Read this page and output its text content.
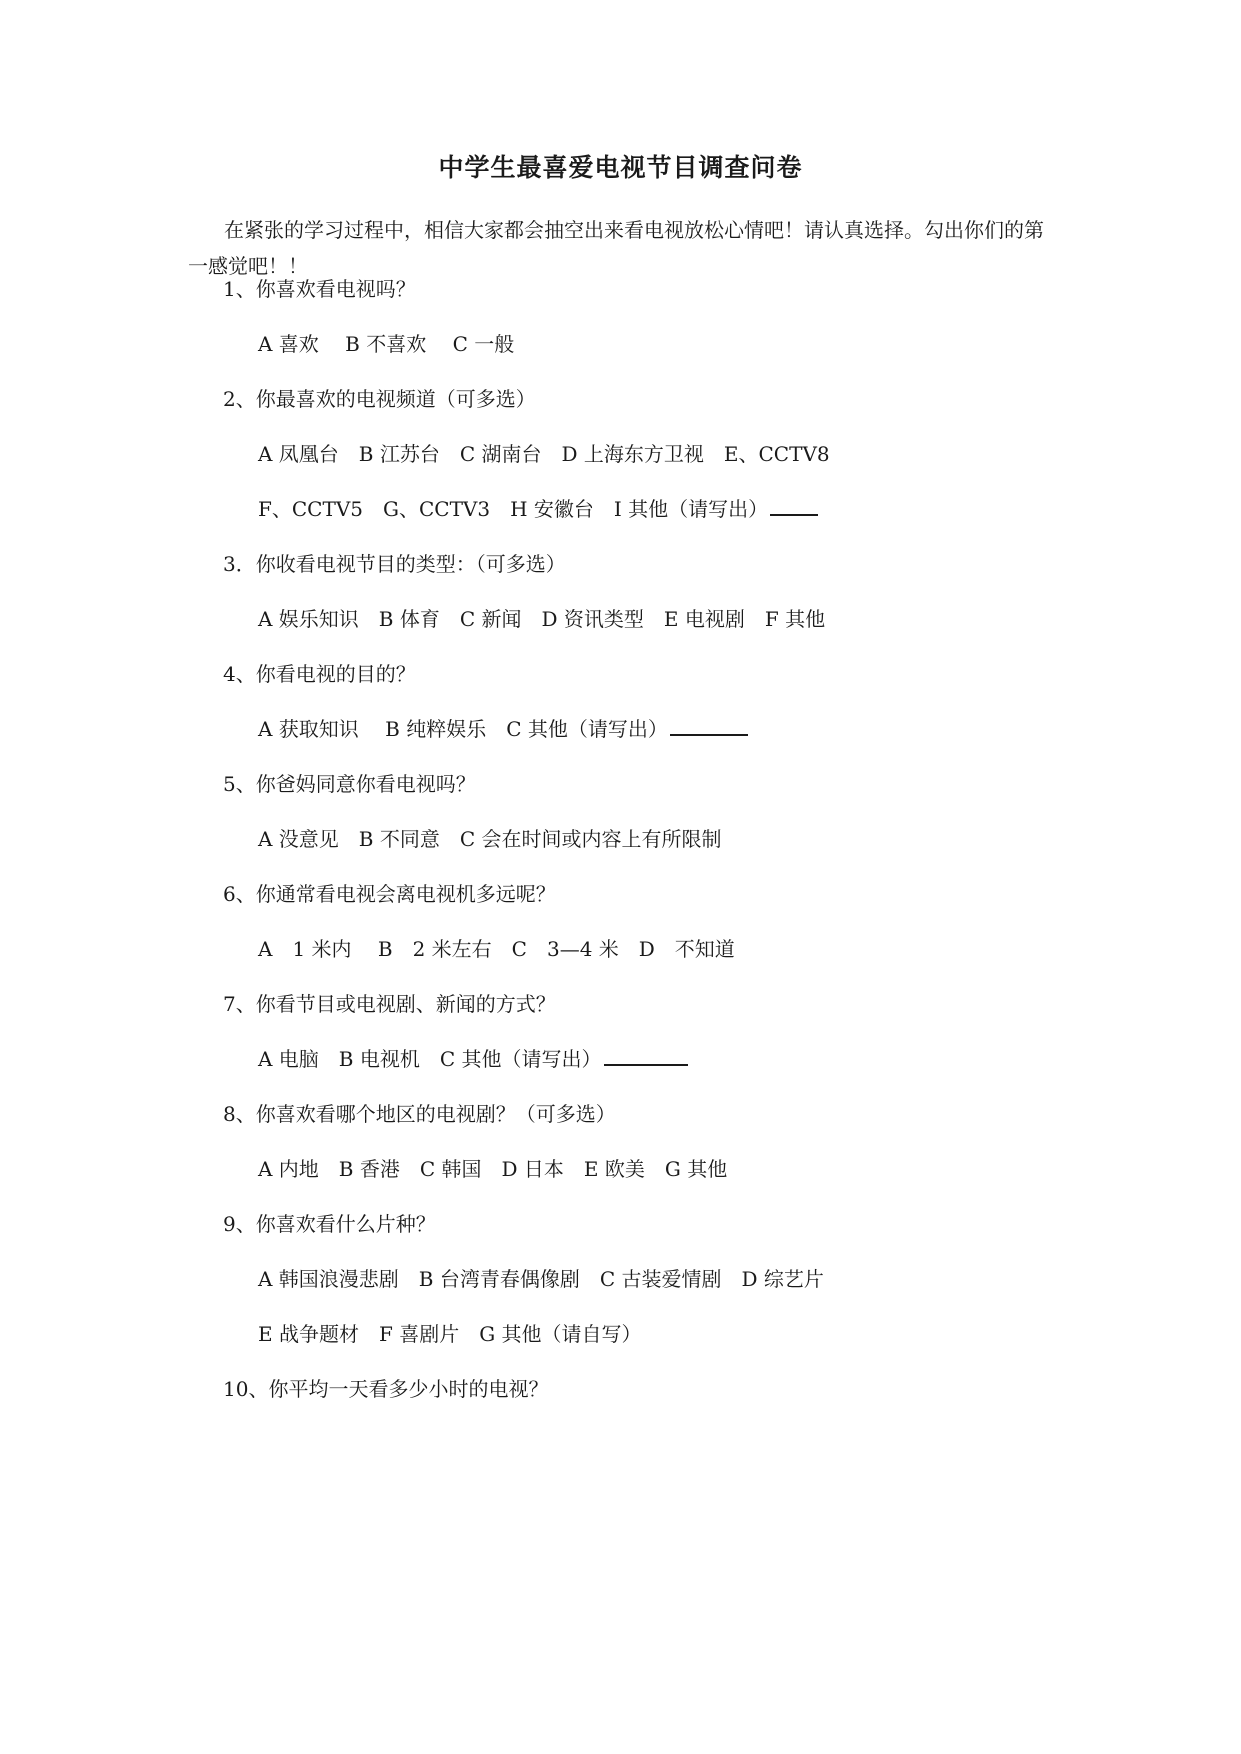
中学生最喜爱电视节目调查问卷
在紧张的学习过程中，相信大家都会抽空出来看电视放松心情吧！请认真选择。勾出你们的第一感觉吧！！
1、你喜欢看电视吗？
A 喜欢　 B 不喜欢　 C 一般
2、你最喜欢的电视频道（可多选）
A 凤凰台　B 江苏台　C 湖南台　D 上海东方卫视　E、CCTV8
F、CCTV5　G、CCTV3　H 安徽台　I 其他（请写出）
3．你收看电视节目的类型：（可多选）
A 娱乐知识　B 体育　C 新闻　D 资讯类型　E 电视剧　F 其他
4、你看电视的目的？
A 获取知识　 B 纯粹娱乐　C 其他（请写出）
5、你爸妈同意你看电视吗？
A 没意见　B 不同意　C 会在时间或内容上有所限制
6、你通常看电视会离电视机多远呢？
A　1 米内　 B　2 米左右　C　3—4 米　D　不知道
7、你看节目或电视剧、新闻的方式？
A 电脑　B 电视机　C 其他（请写出）
8、你喜欢看哪个地区的电视剧？（可多选）
A 内地　B 香港　C 韩国　D 日本　E 欧美　G 其他
9、你喜欢看什么片种？
A 韩国浪漫悲剧　B 台湾青春偶像剧　C 古装爱情剧　D 综艺片
E 战争题材　F 喜剧片　G 其他（请自写）
10、你平均一天看多少小时的电视？
